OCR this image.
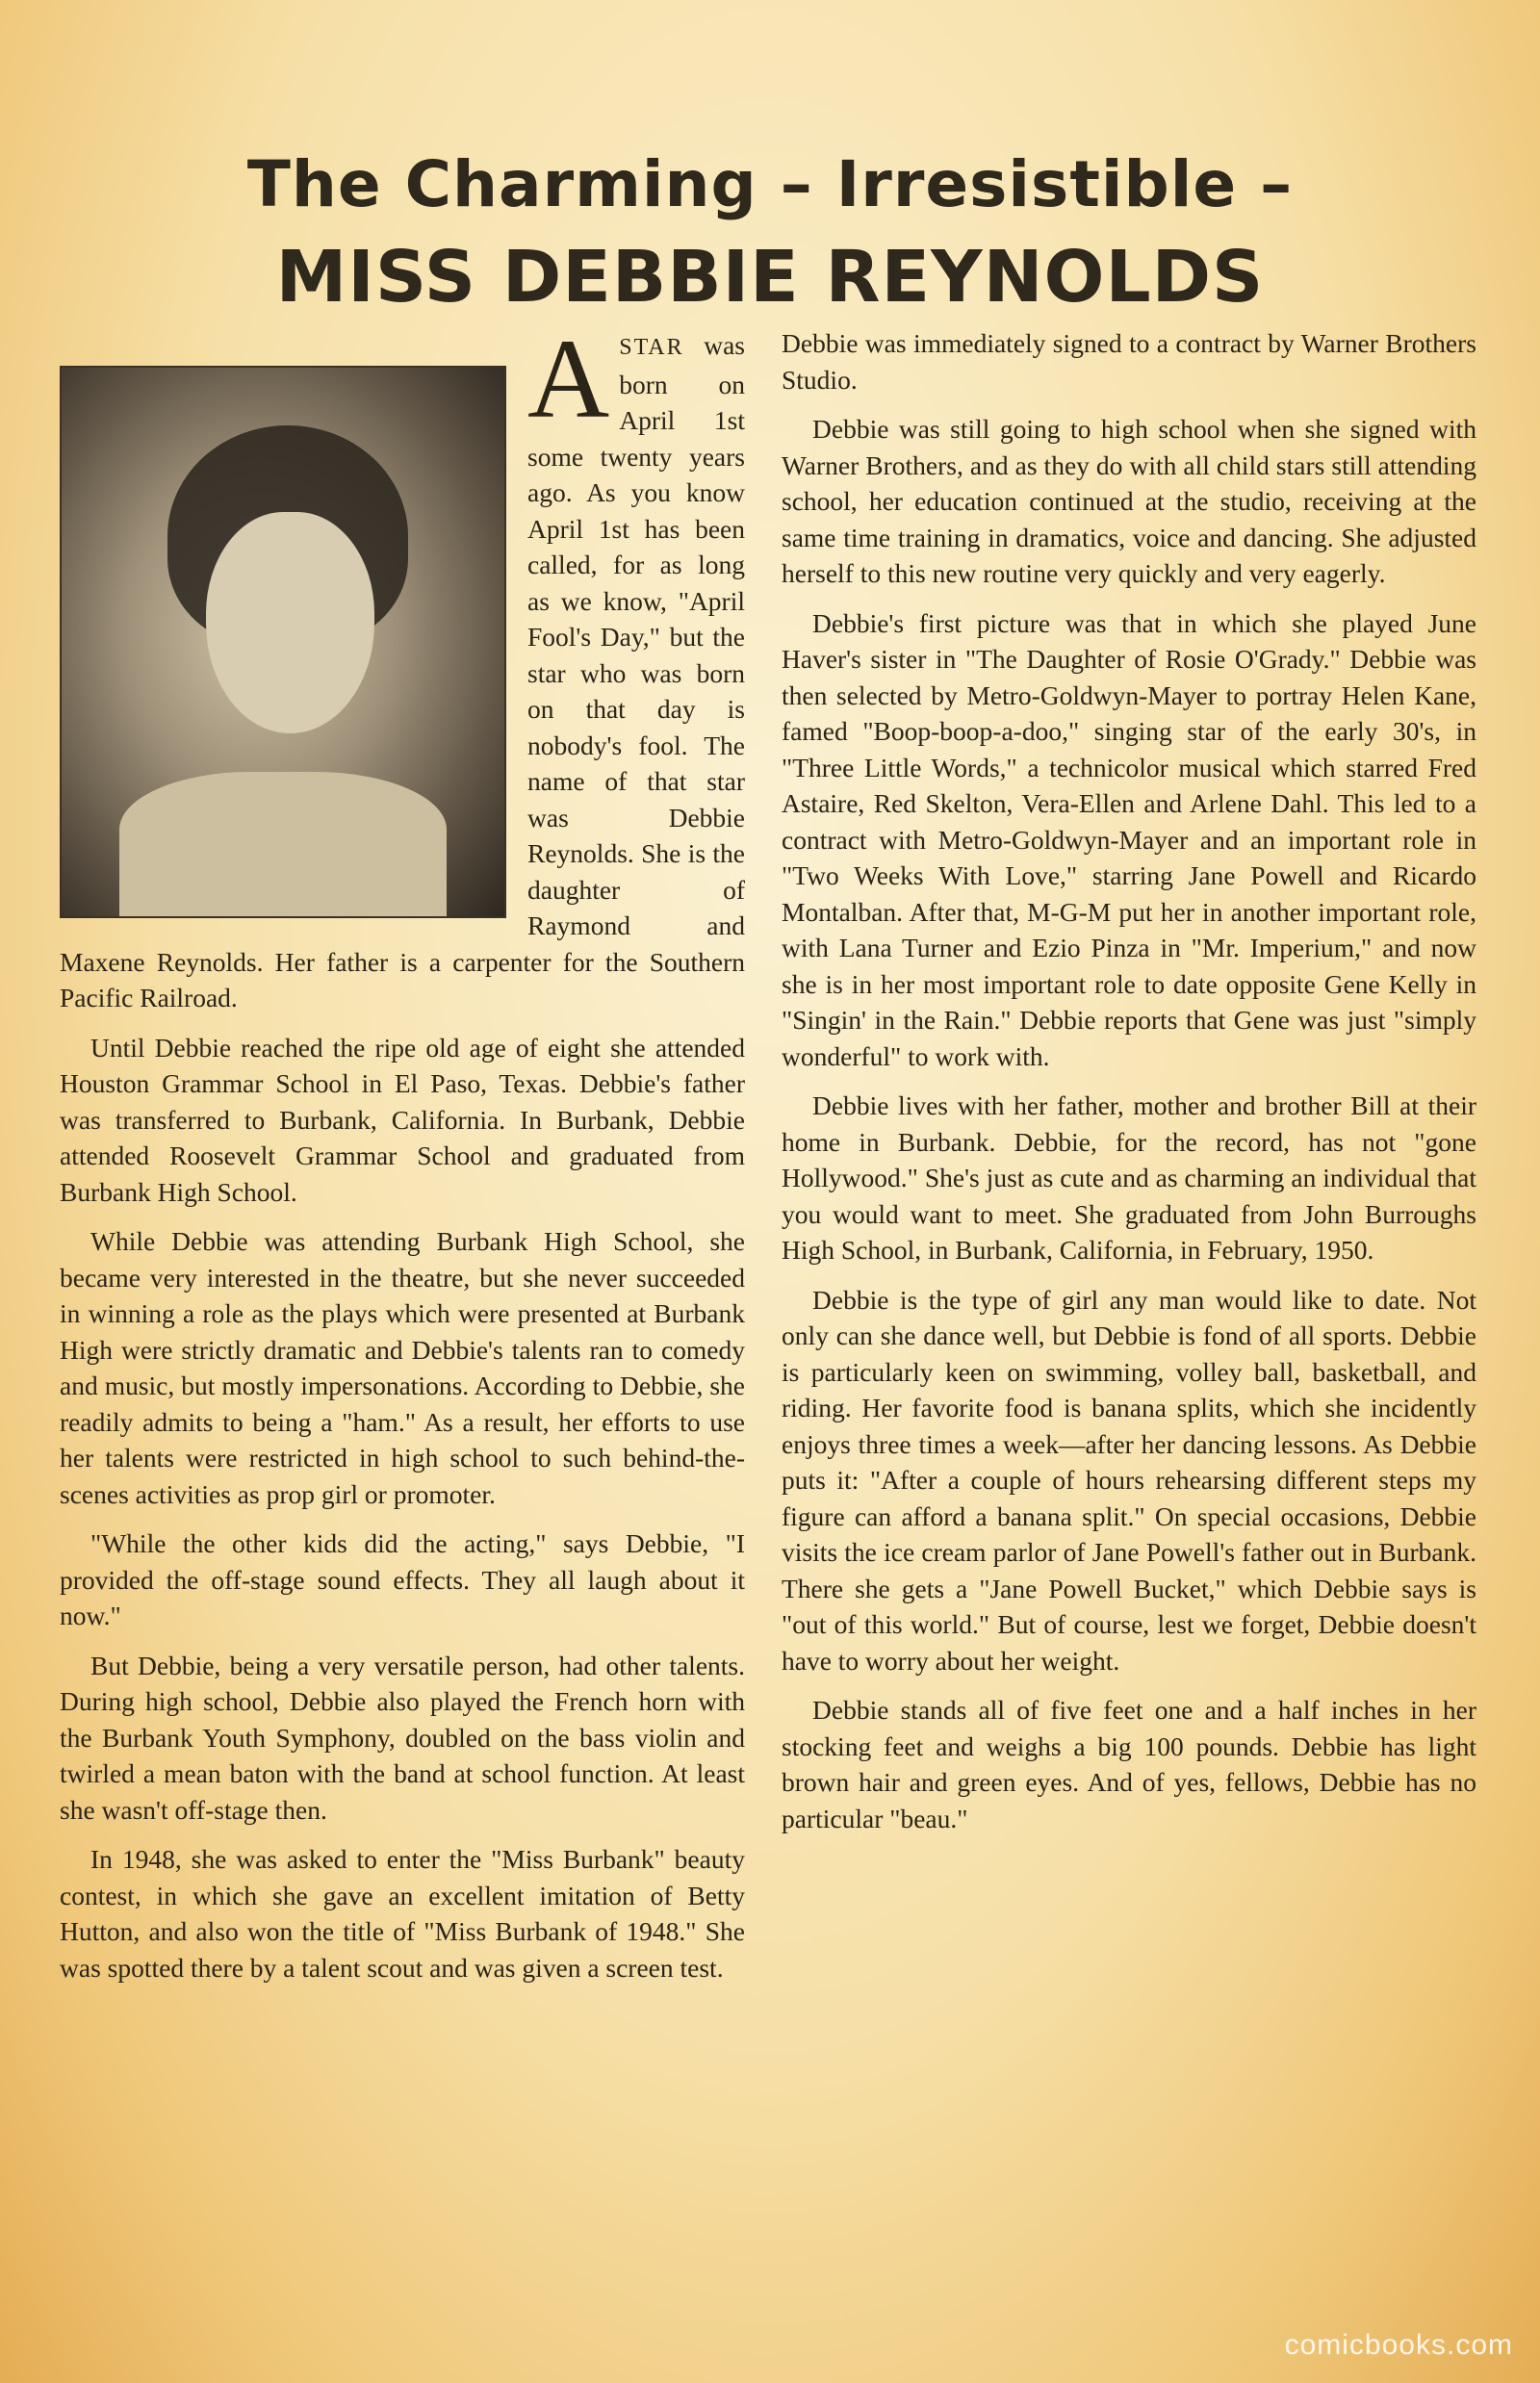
The Charming – Irresistible –
MISS DEBBIE REYNOLDS

ASTAR was born on April 1st some twenty years ago. As you know April 1st has been called, for as long as we know, "April Fool's Day," but the star who was born on that day is nobody's fool. The name of that star was Debbie Reynolds. She is the daughter of Raymond and Maxene Reynolds. Her father is a carpenter for the Southern Pacific Railroad.

Until Debbie reached the ripe old age of eight she attended Houston Grammar School in El Paso, Texas. Debbie's father was transferred to Burbank, California. In Burbank, Debbie attended Roosevelt Grammar School and graduated from Burbank High School.

While Debbie was attending Burbank High School, she became very interested in the theatre, but she never succeeded in winning a role as the plays which were presented at Burbank High were strictly dramatic and Debbie's talents ran to comedy and music, but mostly impersonations. According to Debbie, she readily admits to being a "ham." As a result, her efforts to use her talents were restricted in high school to such behind-the-scenes activities as prop girl or promoter.

"While the other kids did the acting," says Debbie, "I provided the off-stage sound effects. They all laugh about it now."

But Debbie, being a very versatile person, had other talents. During high school, Debbie also played the French horn with the Burbank Youth Symphony, doubled on the bass violin and twirled a mean baton with the band at school function. At least she wasn't off-stage then.

In 1948, she was asked to enter the "Miss Burbank" beauty contest, in which she gave an excellent imitation of Betty Hutton, and also won the title of "Miss Burbank of 1948." She was spotted there by a talent scout and was given a screen test.

Debbie was immediately signed to a contract by Warner Brothers Studio.

Debbie was still going to high school when she signed with Warner Brothers, and as they do with all child stars still attending school, her education continued at the studio, receiving at the same time training in dramatics, voice and dancing. She adjusted herself to this new routine very quickly and very eagerly.

Debbie's first picture was that in which she played June Haver's sister in "The Daughter of Rosie O'Grady." Debbie was then selected by Metro-Goldwyn-Mayer to portray Helen Kane, famed "Boop-boop-a-doo," singing star of the early 30's, in "Three Little Words," a technicolor musical which starred Fred Astaire, Red Skelton, Vera-Ellen and Arlene Dahl. This led to a contract with Metro-Goldwyn-Mayer and an important role in "Two Weeks With Love," starring Jane Powell and Ricardo Montalban. After that, M-G-M put her in another important role, with Lana Turner and Ezio Pinza in "Mr. Imperium," and now she is in her most important role to date opposite Gene Kelly in "Singin' in the Rain." Debbie reports that Gene was just "simply wonderful" to work with.

Debbie lives with her father, mother and brother Bill at their home in Burbank. Debbie, for the record, has not "gone Hollywood." She's just as cute and as charming an individual that you would want to meet. She graduated from John Burroughs High School, in Burbank, California, in February, 1950.

Debbie is the type of girl any man would like to date. Not only can she dance well, but Debbie is fond of all sports. Debbie is particularly keen on swimming, volley ball, basketball, and riding. Her favorite food is banana splits, which she incidently enjoys three times a week—after her dancing lessons. As Debbie puts it: "After a couple of hours rehearsing different steps my figure can afford a banana split." On special occasions, Debbie visits the ice cream parlor of Jane Powell's father out in Burbank. There she gets a "Jane Powell Bucket," which Debbie says is "out of this world." But of course, lest we forget, Debbie doesn't have to worry about her weight.

Debbie stands all of five feet one and a half inches in her stocking feet and weighs a big 100 pounds. Debbie has light brown hair and green eyes. And of yes, fellows, Debbie has no particular "beau."

comicbooks.com
